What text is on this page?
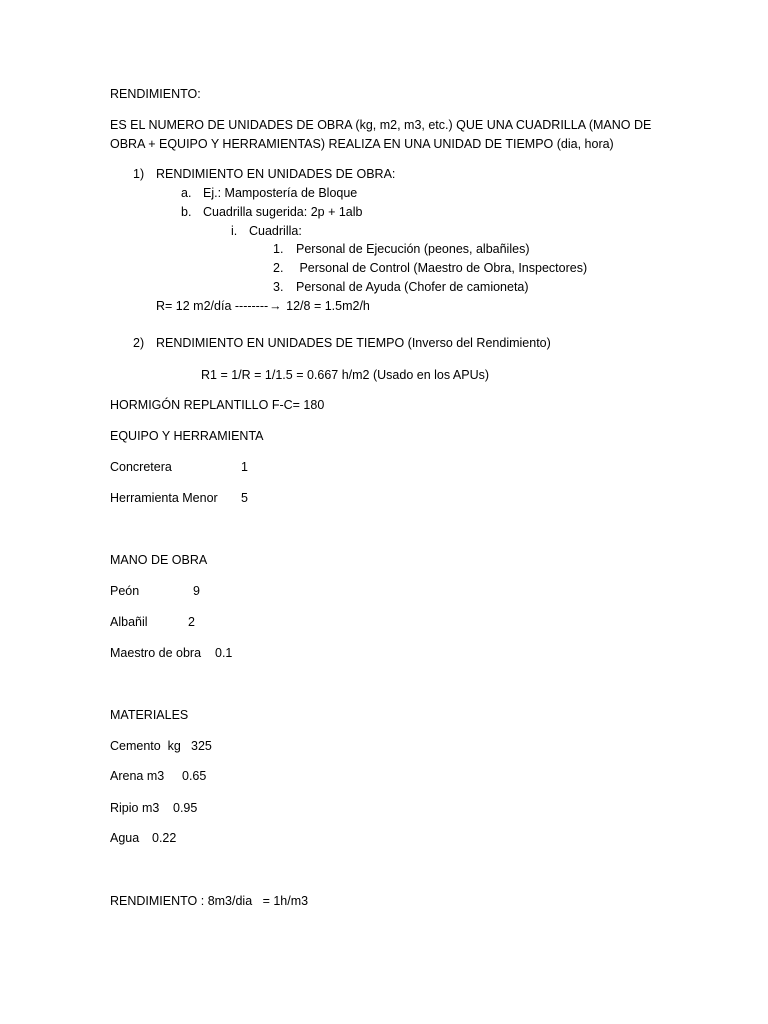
RENDIMIENTO:
ES EL NUMERO DE UNIDADES DE OBRA (kg, m2, m3, etc.) QUE UNA CUADRILLA (MANO DE
OBRA + EQUIPO Y HERRAMIENTAS) REALIZA EN UNA UNIDAD DE TIEMPO (dia, hora)
1) RENDIMIENTO EN UNIDADES DE OBRA:
a. Ej.: Mampostería de Bloque
b. Cuadrilla sugerida: 2p + 1alb
i. Cuadrilla:
1. Personal de Ejecución (peones, albañiles)
2. Personal de Control (Maestro de Obra, Inspectores)
3. Personal de Ayuda (Chofer de camioneta)
R= 12 m2/día --------→ 12/8 = 1.5m2/h
2) RENDIMIENTO EN UNIDADES DE TIEMPO (Inverso del Rendimiento)
R1 = 1/R = 1/1.5 = 0.667 h/m2 (Usado en los APUs)
HORMIGÓN REPLANTILLO F-C= 180
EQUIPO Y HERRAMIENTA
Concretera	1
Herramienta Menor 5
MANO DE OBRA
Peón	9
Albañil	2
Maestro de obra 0.1
MATERIALES
Cemento  kg 325
Arena m3 0.65
Ripio m3 0.95
Agua 0.22
RENDIMIENTO : 8m3/dia   = 1h/m3
